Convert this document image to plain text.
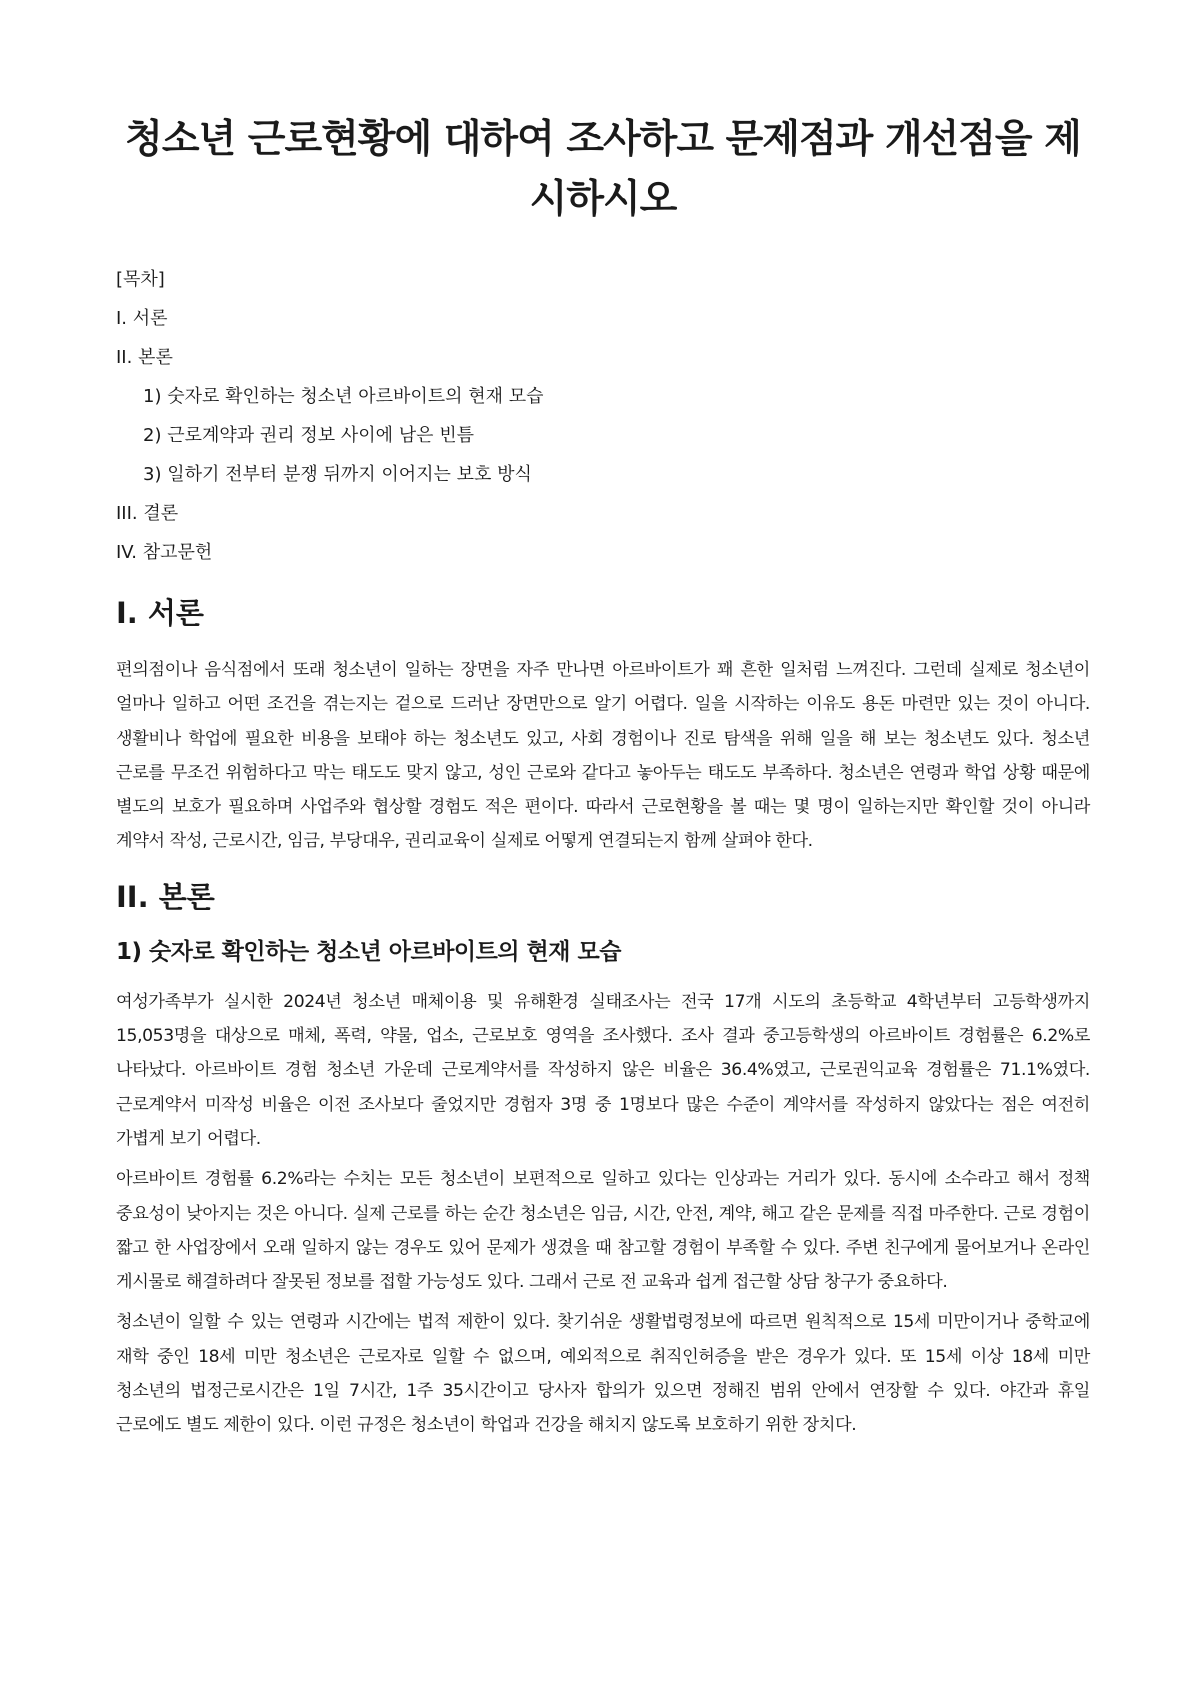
청소년 근로현황에 대하여 조사하고 문제점과 개선점을 제시하시오
[목차]
I. 서론
II. 본론
1) 숫자로 확인하는 청소년 아르바이트의 현재 모습
2) 근로계약과 권리 정보 사이에 남은 빈틈
3) 일하기 전부터 분쟁 뒤까지 이어지는 보호 방식
III. 결론
IV. 참고문헌
I. 서론

편의점이나 음식점에서 또래 청소년이 일하는 장면을 자주 만나면 아르바이트가 꽤 흔한 일처럼 느껴진다. 그런데 실제로 청소년이 얼마나 일하고 어떤 조건을 겪는지는 겉으로 드러난 장면만으로 알기 어렵다. 일을 시작하는 이유도 용돈 마련만 있는 것이 아니다. 생활비나 학업에 필요한 비용을 보태야 하는 청소년도 있고, 사회 경험이나 진로 탐색을 위해 일을 해 보는 청소년도 있다. 청소년 근로를 무조건 위험하다고 막는 태도도 맞지 않고, 성인 근로와 같다고 놓아두는 태도도 부족하다. 청소년은 연령과 학업 상황 때문에 별도의 보호가 필요하며 사업주와 협상할 경험도 적은 편이다. 따라서 근로현황을 볼 때는 몇 명이 일하는지만 확인할 것이 아니라 계약서 작성, 근로시간, 임금, 부당대우, 권리교육이 실제로 어떻게 연결되는지 함께 살펴야 한다.

II. 본론
1) 숫자로 확인하는 청소년 아르바이트의 현재 모습

여성가족부가 실시한 2024년 청소년 매체이용 및 유해환경 실태조사는 전국 17개 시도의 초등학교 4학년부터 고등학생까지 15,053명을 대상으로 매체, 폭력, 약물, 업소, 근로보호 영역을 조사했다. 조사 결과 중고등학생의 아르바이트 경험률은 6.2%로 나타났다. 아르바이트 경험 청소년 가운데 근로계약서를 작성하지 않은 비율은 36.4%였고, 근로권익교육 경험률은 71.1%였다. 근로계약서 미작성 비율은 이전 조사보다 줄었지만 경험자 3명 중 1명보다 많은 수준이 계약서를 작성하지 않았다는 점은 여전히 가볍게 보기 어렵다.

아르바이트 경험률 6.2%라는 수치는 모든 청소년이 보편적으로 일하고 있다는 인상과는 거리가 있다. 동시에 소수라고 해서 정책 중요성이 낮아지는 것은 아니다. 실제 근로를 하는 순간 청소년은 임금, 시간, 안전, 계약, 해고 같은 문제를 직접 마주한다. 근로 경험이 짧고 한 사업장에서 오래 일하지 않는 경우도 있어 문제가 생겼을 때 참고할 경험이 부족할 수 있다. 주변 친구에게 물어보거나 온라인 게시물로 해결하려다 잘못된 정보를 접할 가능성도 있다. 그래서 근로 전 교육과 쉽게 접근할 상담 창구가 중요하다.

청소년이 일할 수 있는 연령과 시간에는 법적 제한이 있다. 찾기쉬운 생활법령정보에 따르면 원칙적으로 15세 미만이거나 중학교에 재학 중인 18세 미만 청소년은 근로자로 일할 수 없으며, 예외적으로 취직인허증을 받은 경우가 있다. 또 15세 이상 18세 미만 청소년의 법정근로시간은 1일 7시간, 1주 35시간이고 당사자 합의가 있으면 정해진 범위 안에서 연장할 수 있다. 야간과 휴일 근로에도 별도 제한이 있다. 이런 규정은 청소년이 학업과 건강을 해치지 않도록 보호하기 위한 장치다.
